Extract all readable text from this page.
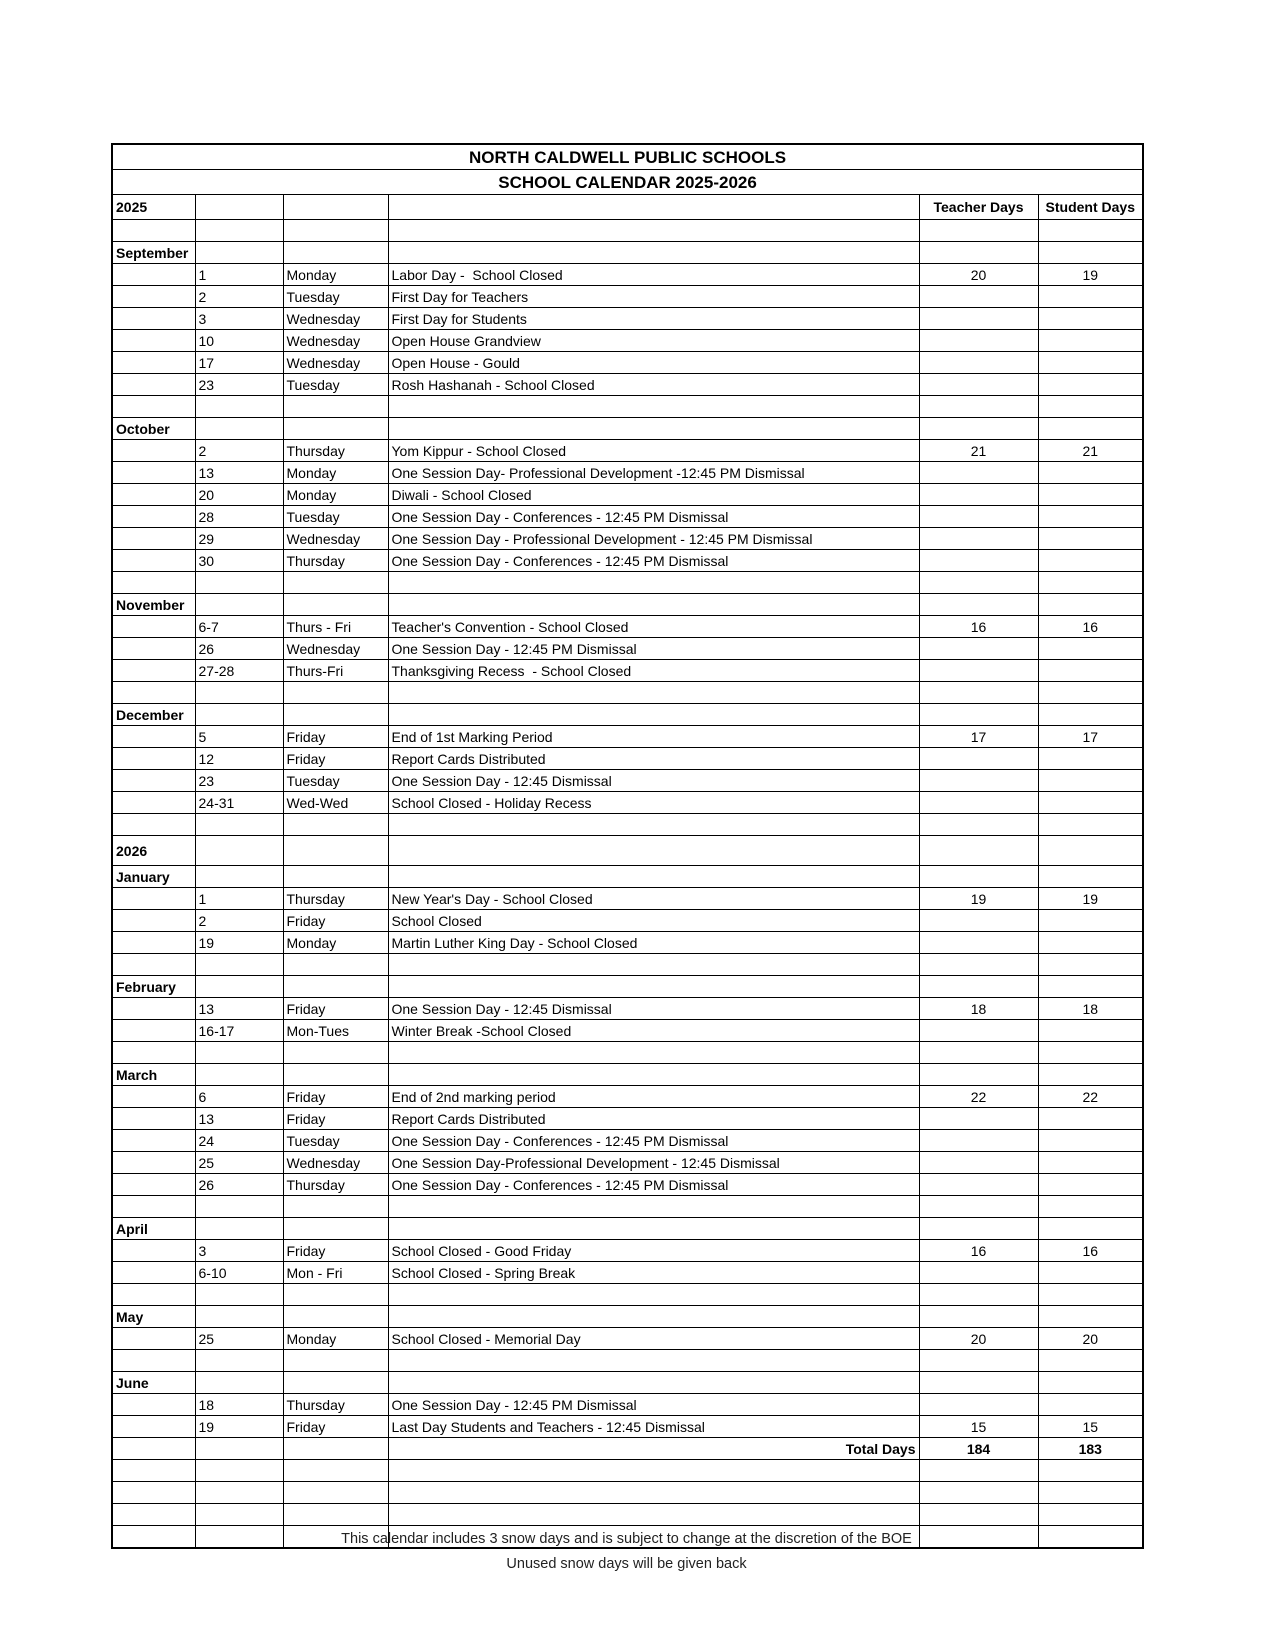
NORTH CALDWELL PUBLIC SCHOOLS					
SCHOOL CALENDAR 2025-2026					
2025				Teacher Days	Student Days

September					
	1	Monday	Labor Day -  School Closed	20	19
	2	Tuesday	First Day for Teachers		
	3	Wednesday	First Day for Students		
	10	Wednesday	Open House Grandview		
	17	Wednesday	Open House - Gould		
	23	Tuesday	Rosh Hashanah - School Closed		

October					
	2	Thursday	Yom Kippur - School Closed	21	21
	13	Monday	One Session Day- Professional Development -12:45 PM Dismissal		
	20	Monday	Diwali - School Closed		
	28	Tuesday	One Session Day - Conferences - 12:45 PM Dismissal		
	29	Wednesday	One Session Day - Professional Development - 12:45 PM Dismissal		
	30	Thursday	One Session Day - Conferences - 12:45 PM Dismissal		

November					
	6-7	Thurs - Fri	Teacher's Convention - School Closed	16	16
	26	Wednesday	One Session Day - 12:45 PM Dismissal		
	27-28	Thurs-Fri	Thanksgiving Recess  - School Closed		

December					
	5	Friday	End of 1st Marking Period	17	17
	12	Friday	Report Cards Distributed		
	23	Tuesday	One Session Day - 12:45 Dismissal		
	24-31	Wed-Wed	School Closed - Holiday Recess		

2026					
January					
	1	Thursday	New Year's Day - School Closed	19	19
	2	Friday	School Closed		
	19	Monday	Martin Luther King Day - School Closed		

February					
	13	Friday	One Session Day - 12:45 Dismissal	18	18
	16-17	Mon-Tues	Winter Break -School Closed		

March					
	6	Friday	End of 2nd marking period	22	22
	13	Friday	Report Cards Distributed		
	24	Tuesday	One Session Day - Conferences - 12:45 PM Dismissal		
	25	Wednesday	One Session Day-Professional Development - 12:45 Dismissal		
	26	Thursday	One Session Day - Conferences - 12:45 PM Dismissal		

April					
	3	Friday	School Closed - Good Friday	16	16
	6-10	Mon - Fri	School Closed - Spring Break		

May					
	25	Monday	School Closed - Memorial Day	20	20

June					
	18	Thursday	One Session Day - 12:45 PM Dismissal		
	19	Friday	Last Day Students and Teachers - 12:45 Dismissal	15	15
			Total Days	184	183

This calendar includes 3 snow days and is subject to change at the discretion of the BOE
Unused snow days will be given back
